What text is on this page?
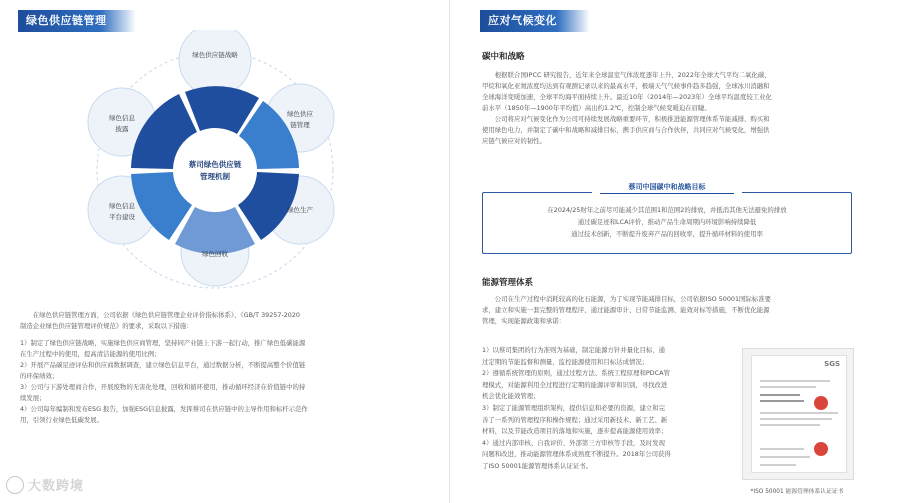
绿色供应链管理
蔡司绿色供应链
管理机制
绿色供应链战略
绿色供应
链管理
绿色生产
绿色回收
绿色信息
平台建设
绿色信息
披露

在绿色供应链管理方面，公司依据《绿色供应链管理企业评价指标体系》、《GB/T 39257-2020
制造企业绿色供应链管理评价规范》的要求，采取以下措施：

1）制定了绿色供应链战略，实施绿色供应商管理，坚持同产业链上下游一起行动，推广绿色低碳能源
在生产过程中的使用，提高清洁能源的使用比例；
2）开展产品碳足迹评估和供应商数据调查，建立绿色信息平台，通过数据分析，不断提高整个价值链
的环保绩效；
3）公司与下游处理商合作，开展废物的无害化处理，回收和循环使用，推动循环经济在价值链中的持
续发展；
4）公司每年编制和发布ESG 报告，加强ESG信息披露，发挥蔡司在供应链中的主导作用和标杆示范作
用，引领行业绿色低碳发展。

大数跨境
应对气候变化
碳中和战略
根据联合国IPCC 研究报告，近年来全球温室气体浓度逐年上升，2022年全球大气平均二氧化碳、
甲烷和氧化亚氮浓度均达到有观测记录以来的最高水平，极端天气气候事件趋多趋强，全球冰川消融和
全球海洋变暖加速，全球平均海平面持续上升。最近10年（2014年—2023年）全球平均温度较工业化
前水平（1850年—1900年平均值）高出约1.2℃，控制全球气候变暖迫在眉睫。
公司将应对气候变化作为公司可持续发展战略重要环节，积极推进能源管理体系节能减排、购买和
使用绿色电力，并制定了碳中和战略和减排目标，携手供应商与合作伙伴，共同应对气候变化，增强供
应链气候应对的韧性。
蔡司中国碳中和战略目标
在2024/25财年之前尽可能减少其范围1和范围2的排放，并抵消其他无法避免的排放
通过碳足迹和LCA评价，推动产品生命周期内环境影响持续降低
通过技术创新，不断提升废弃产品的回收率，提升循环材料的使用率
能源管理体系
公司在生产过程中消耗较高的化石能源，为了实现节能减排目标，公司依据ISO 50001国际标准要
求，建立和实施一套完整的管理程序，通过能源审计、日常节能监测、能效对标等措施，不断优化能源
管理，实现能源政策和承诺：
1）以蔡司集团的行为准则为基础，制定能源方针并量化目标，通
过定期的节能监督和测量，监控能源使用和目标达成情况；
2）遵循系统管理的原则，通过过程方法、系统工程原理和PDCA管
理模式，对能源利用全过程进行定期的能源评审和识别，寻找改进
机会优化能效管理；
3）制定了能源管理组织架构，提供信息和必要的资源，建立和完
善了一系列的管理程序和操作规程；通过采用新技术、新工艺、新
材料，以及节能改造项目的落地和实施，逐步提高能源使用效率；
4）通过内部审核、自我评价、外部第三方审核等手段，及时发现
问题和改进，推动能源管理体系成熟度不断提升。2018年公司获得
了ISO 50001能源管理体系认证证书。
SGS
*ISO 50001 能源管理体系认证证书
